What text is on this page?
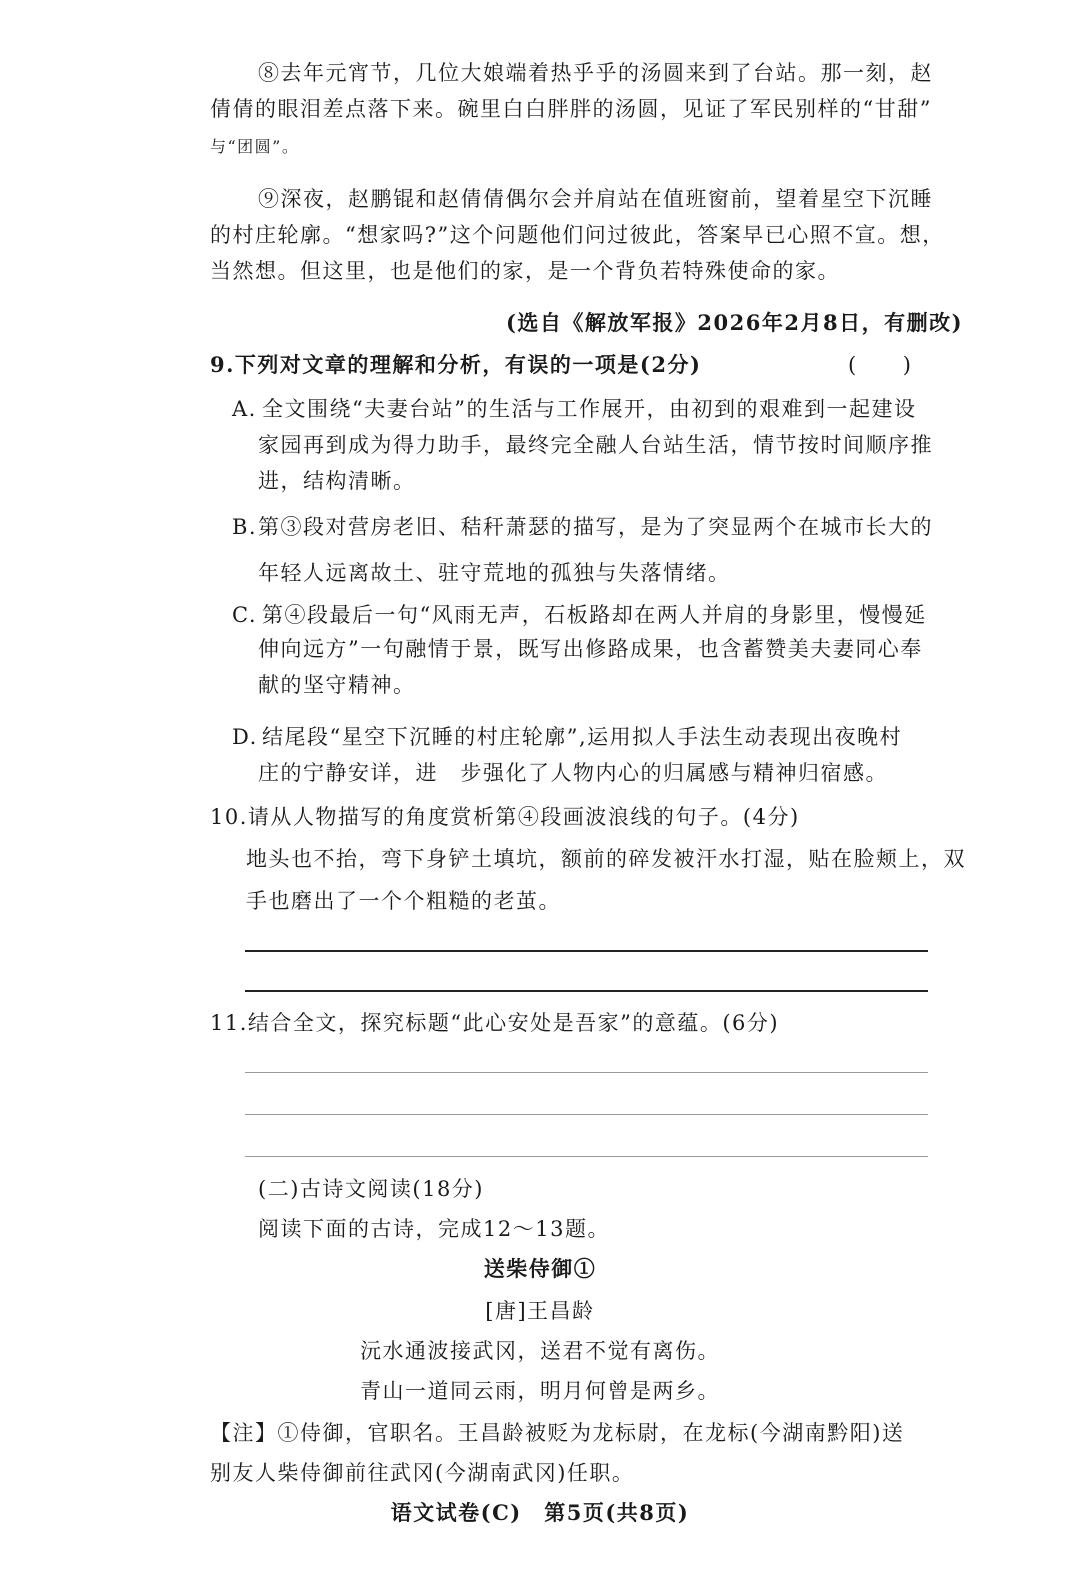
⑧去年元宵节，几位大娘端着热乎乎的汤圆来到了台站。那一刻，赵
倩倩的眼泪差点落下来。碗里白白胖胖的汤圆，见证了军民别样的“甘甜”
与“团圆”。
⑨深夜，赵鹏锟和赵倩倩偶尔会并肩站在值班窗前，望着星空下沉睡
的村庄轮廓。“想家吗?”这个问题他们问过彼此，答案早已心照不宣。想，
当然想。但这里，也是他们的家，是一个背负若特殊使命的家。
(选自《解放军报》2026年2月8日，有删改)
9.下列对文章的理解和分析，有误的一项是(2分)	(　　)
A. 全文围绕“夫妻台站”的生活与工作展开，由初到的艰难到一起建设
家园再到成为得力助手，最终完全融人台站生活，情节按时间顺序推
进，结构清晰。
B. 第③段对营房老旧、秸秆萧瑟的描写，是为了突显两个在城市长大的
年轻人远离故土、驻守荒地的孤独与失落情绪。
C. 第④段最后一句“风雨无声，石板路却在两人并肩的身影里，慢慢延
伸向远方”一句融情于景，既写出修路成果，也含蓄赞美夫妻同心奉
献的坚守精神。
D. 结尾段“星空下沉睡的村庄轮廓”,运用拟人手法生动表现出夜晚村
庄的宁静安详，进　步强化了人物内心的归属感与精神归宿感。
10.请从人物描写的角度赏析第④段画波浪线的句子。(4分)
地头也不抬，弯下身铲土填坑，额前的碎发被汗水打湿，贴在脸颊上，双
手也磨出了一个个粗糙的老茧。
11.结合全文，探究标题“此心安处是吾家”的意蕴。(6分)
(二)古诗文阅读(18分)
阅读下面的古诗，完成12～13题。
送柴侍御①
[唐]王昌龄
沅水通波接武冈，送君不觉有离伤。
青山一道同云雨，明月何曾是两乡。
【注】①侍御，官职名。王昌龄被贬为龙标尉，在龙标(今湖南黔阳)送
别友人柴侍御前往武冈(今湖南武冈)任职。
语文试卷(C)　第5页(共8页)
